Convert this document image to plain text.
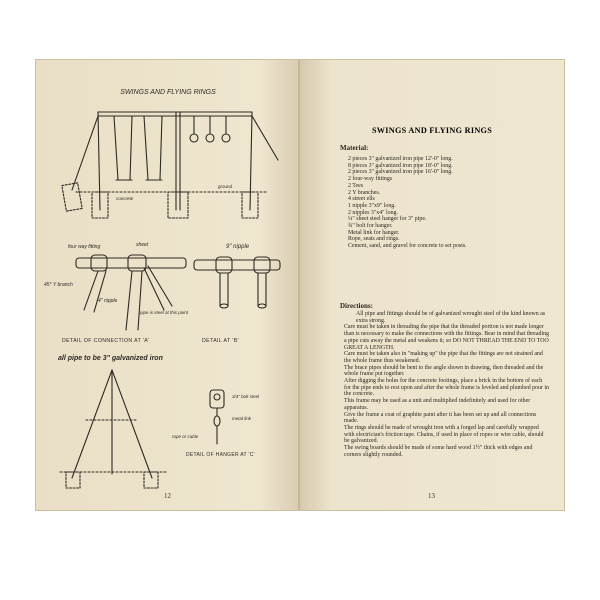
SWINGS AND FLYING RINGS
concrete
ground
four way fitting	sheet
45° Y branch
4" nipple
pipe is steel at this point
9" nipple
DETAIL OF CONNECTION AT 'A'	DETAIL AT 'B'
all pipe to be 3" galvanized iron
3/4" bolt steel
metal link
rope or cable
DETAIL OF HANGER AT 'C'
12
SWINGS AND FLYING RINGS
Material:
2 pieces 3" galvanized iron pipe 12'-0" long.
8 pieces 3" galvanized iron pipe 18'-0" long.
2 pieces 3" galvanized iron pipe 16'-0" long.
2 four-way fittings
2 Tees
2 Y branches.
4 street ells
1 nipple 3"x9" long.
2 nipples 3"x4" long.
¼" sheet steel hanger for 3" pipe.
¾" bolt for hanger.
Metal link for hanger.
Rope, seats and rings.
Cement, sand, and gravel for concrete to set posts.
Directions:

All pipe and fittings should be of galvanized wrought steel of the kind known as extra strong.

Care must be taken in threading the pipe that the threaded portion is not made longer than is necessary to make the connections with the fittings. Bear in mind that threading a pipe cuts away the metal and weakens it; so DO NOT THREAD THE END TO TOO GREAT A LENGTH.

Care must be taken also in "making up" the pipe that the fittings are not strained and the whole frame thus weakened.

The brace pipes should be bent to the angle shown in drawing, then threaded and the whole frame put together.

After digging the holes for the concrete footings, place a brick in the bottom of each for the pipe ends to rest upon and after the whole frame is leveled and plumbed pour in the concrete.

This frame may be used as a unit and multiplied indefinitely and used for other apparatus.

Give the frame a coat of graphite paint after it has been set up and all connections made.

The rings should be made of wrought iron with a forged lap and carefully wrapped with electrician's friction tape. Chains, if used in place of ropes or wire cable, should be galvanized.

The swing boards should be made of some hard wood 1½" thick with edges and corners slightly rounded.

13
